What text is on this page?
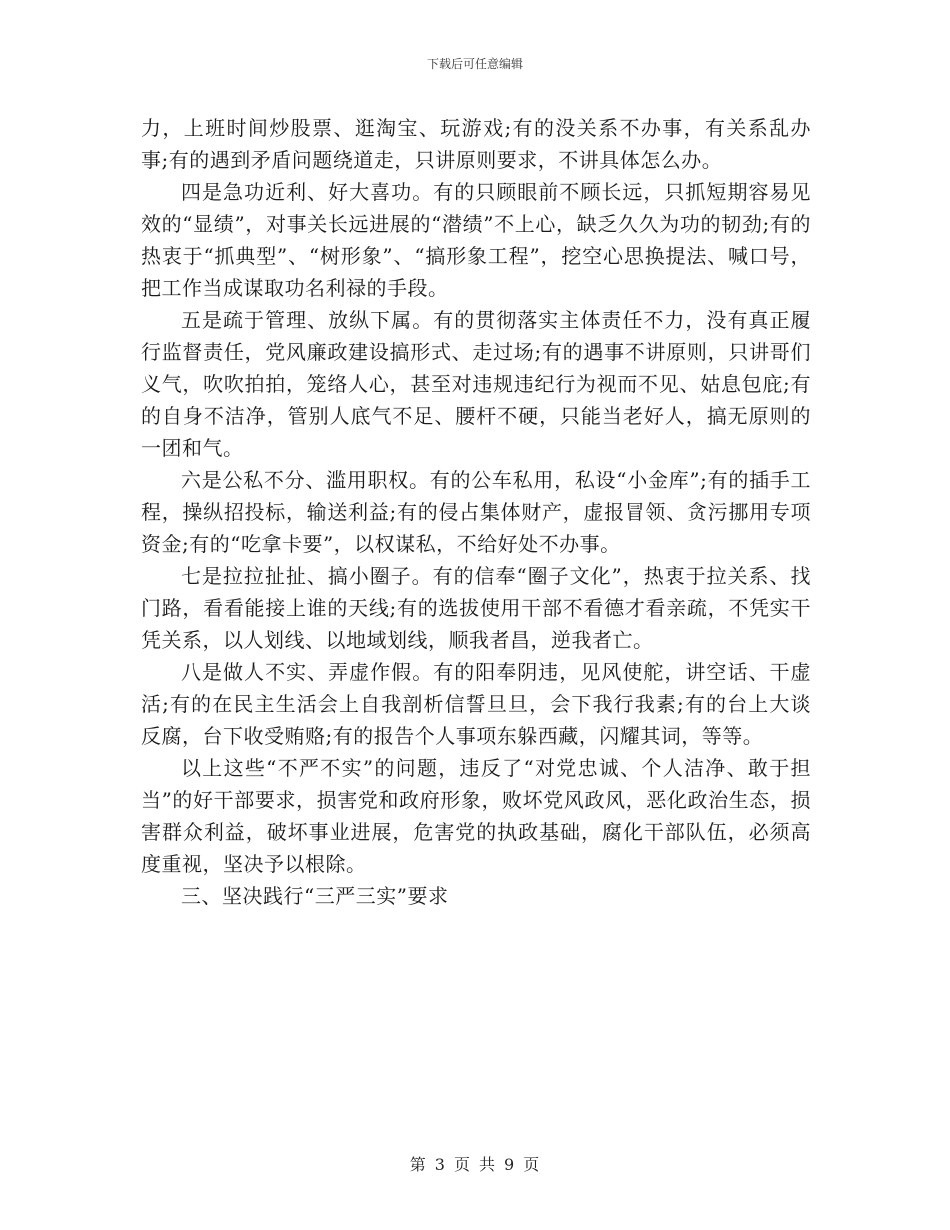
下载后可任意编辑

力，上班时间炒股票、逛淘宝、玩游戏;有的没关系不办事，有关系乱办事;有的遇到矛盾问题绕道走，只讲原则要求，不讲具体怎么办。

四是急功近利、好大喜功。有的只顾眼前不顾长远，只抓短期容易见效的“显绩”，对事关长远进展的“潜绩”不上心，缺乏久久为功的韧劲;有的热衷于“抓典型”、“树形象”、“搞形象工程”，挖空心思换提法、喊口号，把工作当成谋取功名利禄的手段。

五是疏于管理、放纵下属。有的贯彻落实主体责任不力，没有真正履行监督责任，党风廉政建设搞形式、走过场;有的遇事不讲原则，只讲哥们义气，吹吹拍拍，笼络人心，甚至对违规违纪行为视而不见、姑息包庇;有的自身不洁净，管别人底气不足、腰杆不硬，只能当老好人，搞无原则的一团和气。

六是公私不分、滥用职权。有的公车私用，私设“小金库”;有的插手工程，操纵招投标，输送利益;有的侵占集体财产，虚报冒领、贪污挪用专项资金;有的“吃拿卡要”，以权谋私，不给好处不办事。

七是拉拉扯扯、搞小圈子。有的信奉“圈子文化”，热衷于拉关系、找门路，看看能接上谁的天线;有的选拔使用干部不看德才看亲疏，不凭实干凭关系，以人划线、以地域划线，顺我者昌，逆我者亡。

八是做人不实、弄虚作假。有的阳奉阴违，见风使舵，讲空话、干虚活;有的在民主生活会上自我剖析信誓旦旦，会下我行我素;有的台上大谈反腐，台下收受贿赂;有的报告个人事项东躲西藏，闪耀其词，等等。

以上这些“不严不实”的问题，违反了“对党忠诚、个人洁净、敢于担当”的好干部要求，损害党和政府形象，败坏党风政风，恶化政治生态，损害群众利益，破坏事业进展，危害党的执政基础，腐化干部队伍，必须高度重视，坚决予以根除。

三、坚决践行“三严三实”要求

第 3 页 共 9 页
